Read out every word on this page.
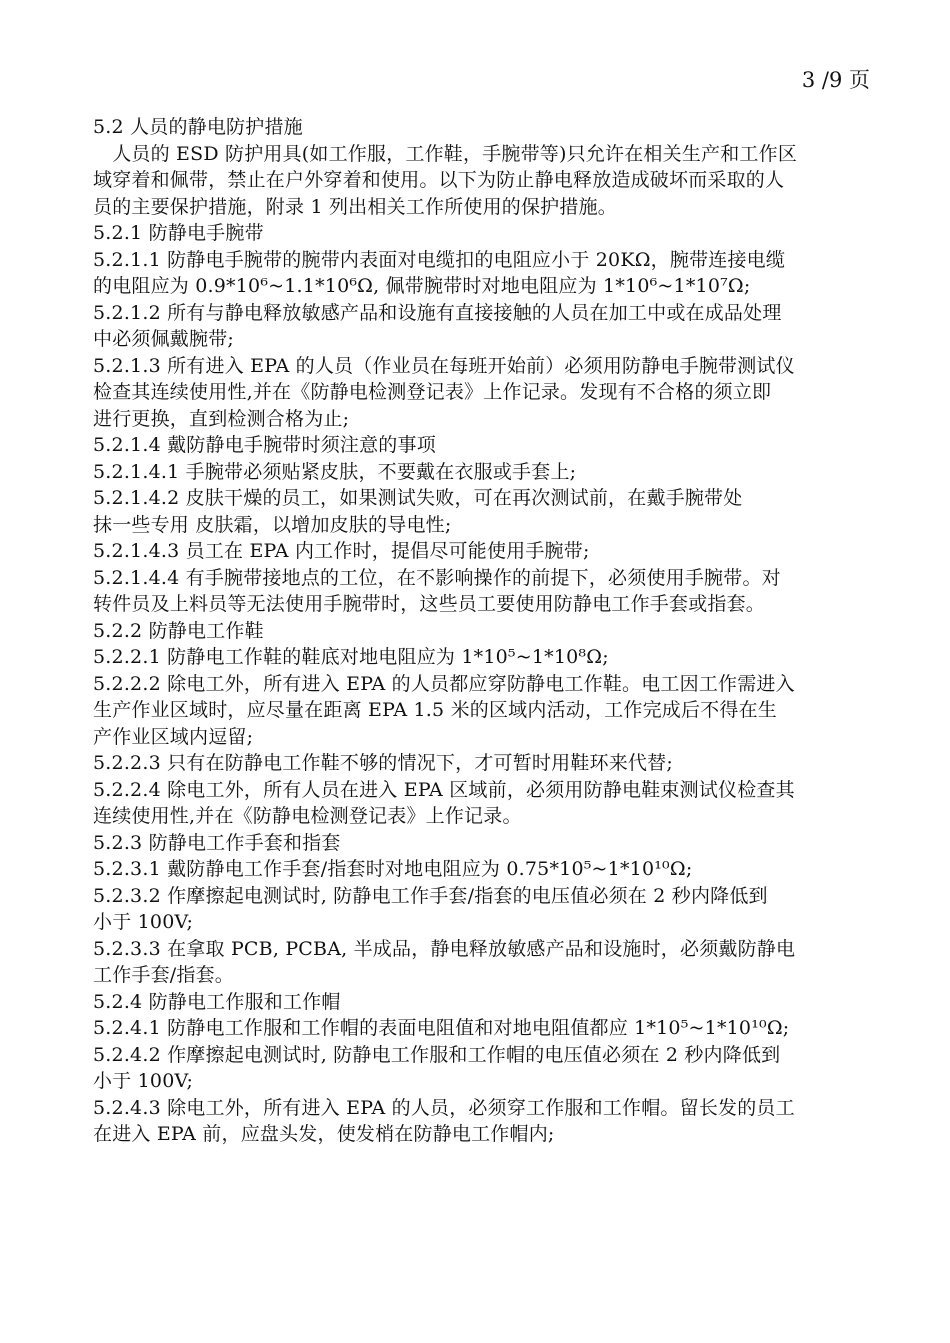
3 /9 页
5.2 人员的静电防护措施
　人员的 ESD 防护用具(如工作服，工作鞋，手腕带等)只允许在相关生产和工作区
域穿着和佩带，禁止在户外穿着和使用。以下为防止静电释放造成破坏而采取的人
员的主要保护措施，附录 1 列出相关工作所使用的保护措施。
5.2.1 防静电手腕带
5.2.1.1 防静电手腕带的腕带内表面对电缆扣的电阻应小于 20KΩ，腕带连接电缆
的电阻应为 0.9*10⁶~1.1*10⁶Ω, 佩带腕带时对地电阻应为 1*10⁶~1*10⁷Ω;
5.2.1.2 所有与静电释放敏感产品和设施有直接接触的人员在加工中或在成品处理
中必须佩戴腕带;
5.2.1.3 所有进入 EPA 的人员（作业员在每班开始前）必须用防静电手腕带测试仪
检查其连续使用性,并在《防静电检测登记表》上作记录。发现有不合格的须立即
进行更换，直到检测合格为止;
5.2.1.4 戴防静电手腕带时须注意的事项
5.2.1.4.1 手腕带必须贴紧皮肤，不要戴在衣服或手套上;
5.2.1.4.2 皮肤干燥的员工，如果测试失败，可在再次测试前，在戴手腕带处
抹一些专用 皮肤霜，以增加皮肤的导电性;
5.2.1.4.3 员工在 EPA 内工作时，提倡尽可能使用手腕带;
5.2.1.4.4 有手腕带接地点的工位，在不影响操作的前提下，必须使用手腕带。对
转件员及上料员等无法使用手腕带时，这些员工要使用防静电工作手套或指套。
5.2.2 防静电工作鞋
5.2.2.1 防静电工作鞋的鞋底对地电阻应为 1*10⁵~1*10⁸Ω;
5.2.2.2 除电工外，所有进入 EPA 的人员都应穿防静电工作鞋。电工因工作需进入
生产作业区域时，应尽量在距离 EPA 1.5 米的区域内活动，工作完成后不得在生
产作业区域内逗留;
5.2.2.3 只有在防静电工作鞋不够的情况下，才可暂时用鞋环来代替;
5.2.2.4 除电工外，所有人员在进入 EPA 区域前，必须用防静电鞋束测试仪检查其
连续使用性,并在《防静电检测登记表》上作记录。
5.2.3 防静电工作手套和指套
5.2.3.1 戴防静电工作手套/指套时对地电阻应为 0.75*10⁵~1*10¹⁰Ω;
5.2.3.2 作摩擦起电测试时, 防静电工作手套/指套的电压值必须在 2 秒内降低到
小于 100V;
5.2.3.3 在拿取 PCB, PCBA, 半成品，静电释放敏感产品和设施时，必须戴防静电
工作手套/指套。
5.2.4 防静电工作服和工作帽
5.2.4.1 防静电工作服和工作帽的表面电阻值和对地电阻值都应 1*10⁵~1*10¹⁰Ω;
5.2.4.2 作摩擦起电测试时, 防静电工作服和工作帽的电压值必须在 2 秒内降低到
小于 100V;
5.2.4.3 除电工外，所有进入 EPA 的人员，必须穿工作服和工作帽。留长发的员工
在进入 EPA 前，应盘头发，使发梢在防静电工作帽内;
